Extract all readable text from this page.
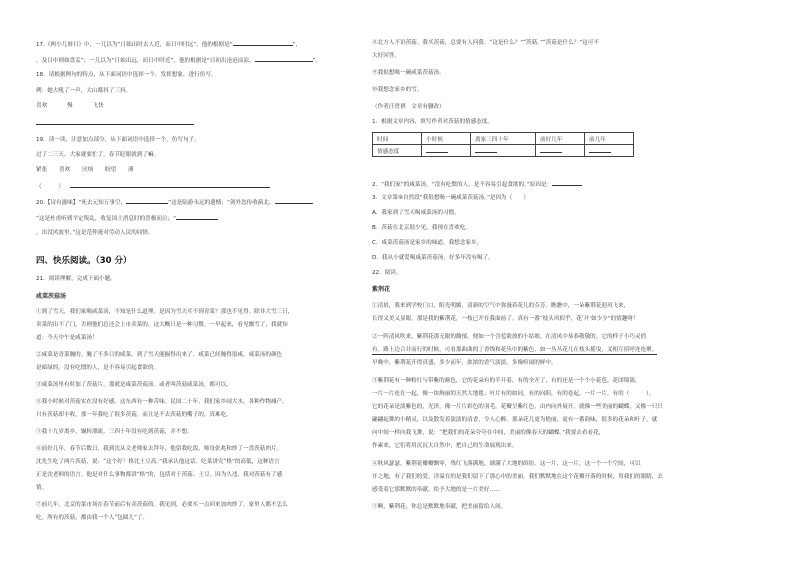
17.《两小儿辩日》中，一儿以为“日始出时去人近，而日中时远”，他的根据是“	”，
，及日中则如盘盂”；一儿以为“日始出远，而日中时近”，他的根据是“日初出沧沧凉凉，	”。
18．请根据例句的特点，从下面词语中选择一个，发挥想象，进行仿写。
例：她大吼了一声，大山都抖了三抖。
喜欢	慢	飞快
19．读一读，注意加点部分，从下面词语中选择一个，仿写句子。
过了二三天，大家就要忙了，春节眨眼就到了嘛。
紧张 喜欢 厌烦 盼望 薄
（　　　）
20.【诗有滋味】“死去元知万事空，	”这是陆游永远的遗憾；“剑外忽传收蓟北，
”这是杜甫听到平定叛乱，收复国土消息时的喜极而泣；“
，出没风波里。”这是范仲淹对劳动人民的同情。
四、快乐阅读。（30 分）
21．阅读理解，完成下面小题。
咸菜茨菇汤
①到了雪天，我们家喝咸菜汤，不知是什么道理。是因为雪天买不到青菜？那也不见得。除非大雪三日，
卖菜的出不了门，否则他们总还会上市卖菜的。这大概只是一种习惯。一早起来，看见飘雪了，我就知
道：今天中午是咸菜汤！
②咸菜是青菜腌的。腌了不多日的咸菜，到了雪天能掘得出来了。咸菜已经腌得很咸，咸菜汤的颜色
是暗绿的。没有吃惯的人，是不容易引起食欲的。
③咸菜汤里有时加了茨菇片，那就是咸菜茨菇汤。或者叫茨菇咸菜汤，都可以。
④我小时候对茨菇实在没有好感。这东西有一种苦味。民国二十年，我们家乡闹大水，各种作物减产，
只有茨菇却丰收。那一年我吃了很多茨菇，而且是不去茨菇的嘴子的，真难吃。
⑤我十九岁离乡，辗转漂流，三四十年没有吃到茨菇，并不想。
⑥前好几年，春节后数日，我到沈从文老师家去拜年，他留我吃饭，师母张兆和炒了一盘茨菇肉片。
沈先生吃了两片茨菇，说：“这个好！格比土豆高。”我承认他这话。吃菜讲究“格”的高低，这种语言
正是沈老师的语言。他是对什么事物都讲“格”的，包括对于茨菇、土豆。因为久违，我对茨菇有了感
情。
⑦前几年，北京的菜市场在春节前后有卖茨菇的。我见到，必要买一点回来加肉炒了。家里人都不怎么
吃。所有的茨菇，都由我一个人“包圆儿”了。
⑧北方人不识茨菇。我买茨菇，总要有人问我：“这是什么？”“茨菇。”“茨菇是什么？”这可不
大好回答。
⑨我很想喝一碗咸菜茨菇汤。
⑩我想念家乡的雪。
（作者汪曾祺　文章有删改）
1．根据文章内容，填写作者对茨菇的情感态度。
时间	小时候	离家三四十年	前好几年	前几年
情感态度				
2．“我们家”的咸菜汤，“没有吃惯的人，是不容易引起食欲的。”原因是：
3．文章第⑨自然段“我很想喝一碗咸菜茨菇汤。”是因为（　　）
A．我家到了雪天喝咸菜汤的习惯。
B．茨菇在北京很少见，我现在喜欢吃。
C．咸菜茨菇汤是家乡的味道，我想念家乡。
D．我从小就爱喝咸菜茨菇汤，好多年没有喝了。
22．阅读。
紫荆花
①清晨，我来到学校门口，阳光明媚，清新的空气中弥漫着花儿的芬芳。瞧瞧中，一朵紫荆花迎风飞来，
长得又美又显眼，那是我的紫荆花，一枝已开在我面前了。真有一番“枝头风似乎，花‘开’如少少”的情趣呀！
②一阵清风吹来，紫荆花那无限的馥郁，便如一个含苞欲放的小姑娘，在清风中恭恭敬敬的。它的样子小巧灵俏
有。路上边合并而行的时候，可看那曲曲的丁香线和花丛中的紫色，如一丛丛花儿在枝头摇曳，叉相互招呼连连聚。
早晚中，紫荆花开得真盛，多少而年，浓浓的香气淡淡，多像喧闹的鲜中。
③紫荆花有一种粉红与带紫的颜色，它的花朵有的半开着，有的全开了，有的还是一个个小花苞。花团锦簇，
一片一片连在一起，像一块绚丽的天然大地毯；叶片有的如同，有的向阳，有的卷起，一片一片，有的（　　　）。
它的花朵是淡紫色的，光泽，像一片片彩色的羽毛。花瓣呈紫红色，由内向外展开。就像一些美丽的蝴蝶，又像一只只
翩翩起舞的小精灵，以及散发着淡淡的清香，令人心醉。那朵花儿更为艳丽，更有一番韵味，很多的花朵和叶子，就
向中间一样向我飞舞，说：“把我们的花朵夸夸在中间，美丽的像春天的蝴蝶。”我要去看看花，
作素来，它们将用沉沉大自然中，把自己的生命展现出来。
④秋风瑟瑟，紫荆花瓣瓣飘零，残红飞落满地，铺满了大地的缤纷。这一片，这一片，这一个一个空间，可以
开之地，有了我们的爱，洋溢在的是我们留下了那心中的美丽。我们默默地在这个花瓣开落的时候，用我们的眼睛，去
感受着它那默默的奉献，给予大地的是一片美好……
⑤啊，紫荆花，你总是默默地奉献，把美丽留给人间。
